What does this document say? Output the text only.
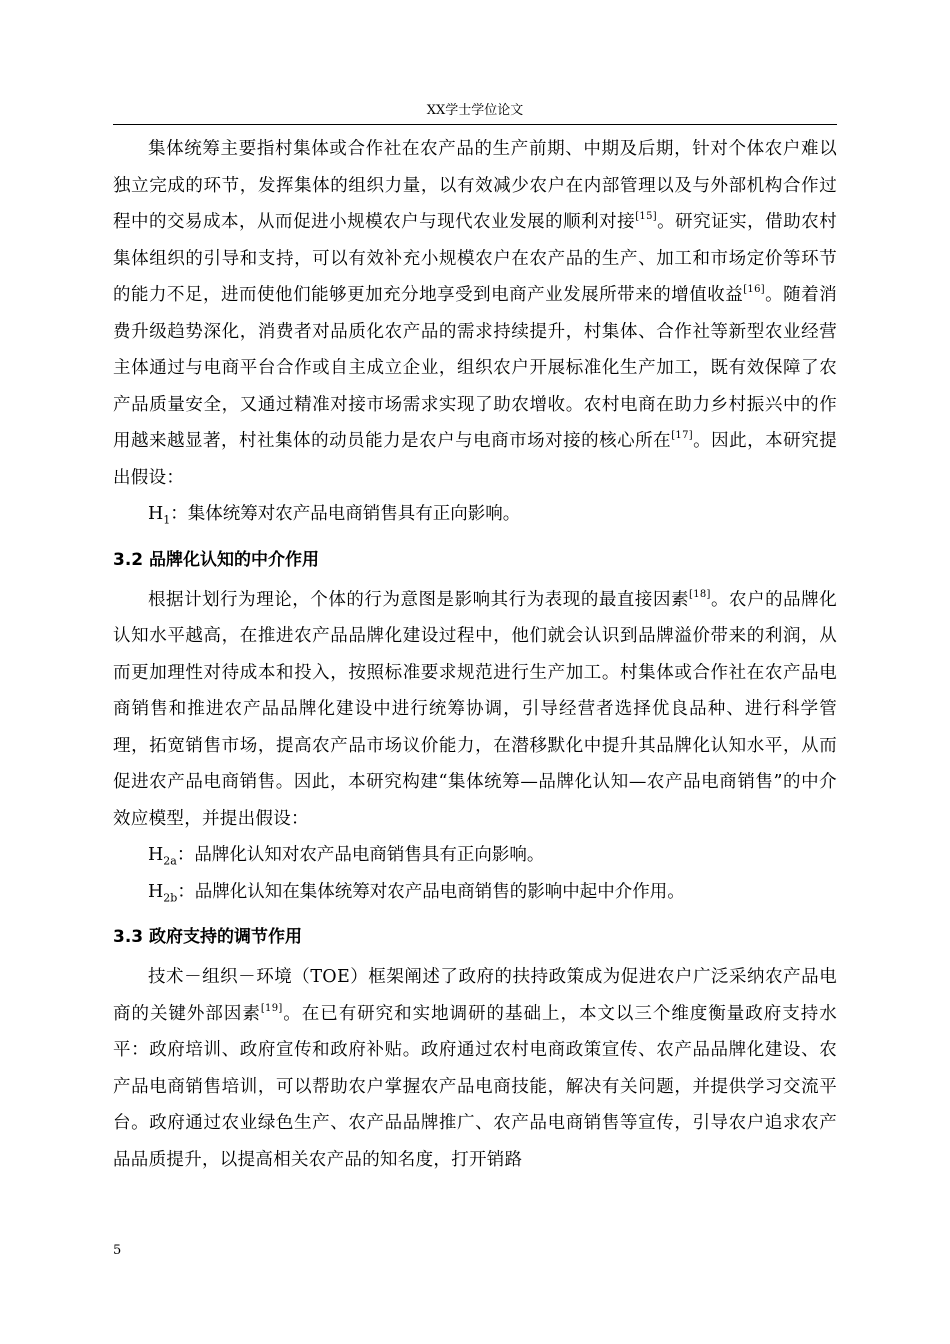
XX学士学位论文

集体统筹主要指村集体或合作社在农产品的生产前期、中期及后期，针对个体农户难以独立完成的环节，发挥集体的组织力量，以有效减少农户在内部管理以及与外部机构合作过程中的交易成本，从而促进小规模农户与现代农业发展的顺利对接[15]。研究证实，借助农村集体组织的引导和支持，可以有效补充小规模农户在农产品的生产、加工和市场定价等环节的能力不足，进而使他们能够更加充分地享受到电商产业发展所带来的增值收益[16]。随着消费升级趋势深化，消费者对品质化农产品的需求持续提升，村集体、合作社等新型农业经营主体通过与电商平台合作或自主成立企业，组织农户开展标准化生产加工，既有效保障了农产品质量安全，又通过精准对接市场需求实现了助农增收。农村电商在助力乡村振兴中的作用越来越显著，村社集体的动员能力是农户与电商市场对接的核心所在[17]。因此，本研究提出假设：

$H_1$：集体统筹对农产品电商销售具有正向影响。

3.2 品牌化认知的中介作用

根据计划行为理论，个体的行为意图是影响其行为表现的最直接因素[18]。农户的品牌化认知水平越高，在推进农产品品牌化建设过程中，他们就会认识到品牌溢价带来的利润，从而更加理性对待成本和投入，按照标准要求规范进行生产加工。村集体或合作社在农产品电商销售和推进农产品品牌化建设中进行统筹协调，引导经营者选择优良品种、进行科学管理，拓宽销售市场，提高农产品市场议价能力，在潜移默化中提升其品牌化认知水平，从而促进农产品电商销售。因此，本研究构建“集体统筹—品牌化认知—农产品电商销售”的中介效应模型，并提出假设：

$H_{2a}$：品牌化认知对农产品电商销售具有正向影响。

$H_{2b}$：品牌化认知在集体统筹对农产品电商销售的影响中起中介作用。

3.3 政府支持的调节作用

技术－组织－环境（TOE）框架阐述了政府的扶持政策成为促进农户广泛采纳农产品电商的关键外部因素[19]。在已有研究和实地调研的基础上，本文以三个维度衡量政府支持水平：政府培训、政府宣传和政府补贴。政府通过农村电商政策宣传、农产品品牌化建设、农产品电商销售培训，可以帮助农户掌握农产品电商技能，解决有关问题，并提供学习交流平台。政府通过农业绿色生产、农产品品牌推广、农产品电商销售等宣传，引导农户追求农产品品质提升，以提高相关农产品的知名度，打开销路

5
